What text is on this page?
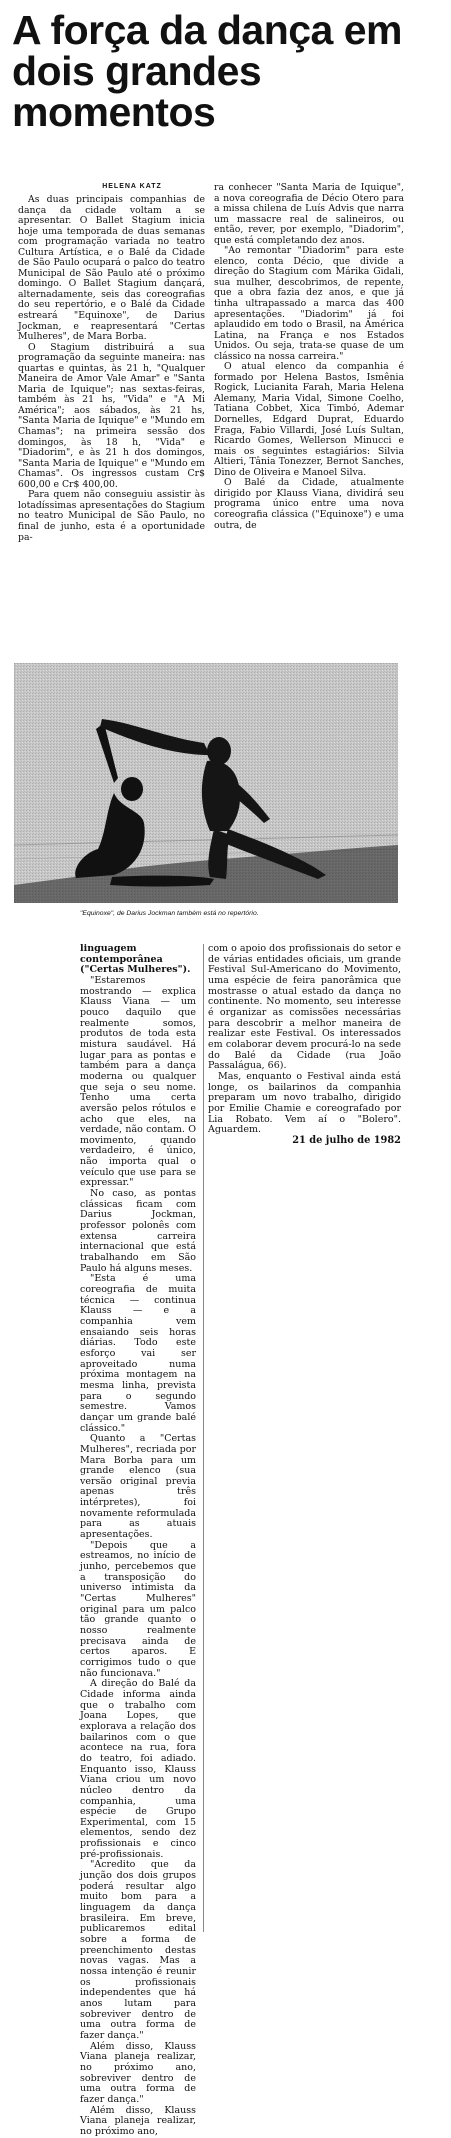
A força da dança em dois grandes momentos
HELENA KATZ

As duas principais companhias de dança da cidade voltam a se apresentar. O Ballet Stagium inicia hoje uma temporada de duas semanas com programação variada no teatro Cultura Artística, e o Balé da Cidade de São Paulo ocupará o palco do teatro Municipal de São Paulo até o próximo domingo. O Ballet Stagium dançará, alternadamente, seis das coreografias do seu repertório, e o Balé da Cidade estreará "Equinoxe", de Darius Jockman, e reapresentará "Certas Mulheres", de Mara Borba.

O Stagium distribuirá a sua programação da seguinte maneira: nas quartas e quintas, às 21 h, "Qualquer Maneira de Amor Vale Amar" e "Santa Maria de Iquique"; nas sextas-feiras, também às 21 hs, "Vida" e "A Mi América"; aos sábados, às 21 hs, "Santa Maria de Iquique" e "Mundo em Chamas"; na primeira sessão dos domingos, às 18 h, "Vida" e "Diadorim", e às 21 h dos domingos, "Santa Maria de Iquique" e "Mundo em Chamas". Os ingressos custam Cr$ 600,00 e Cr$ 400,00.

Para quem não conseguiu assistir às lotadíssimas apresentações do Stagium no teatro Municipal de São Paulo, no final de junho, esta é a oportunidade pa-

ra conhecer "Santa Maria de Iquique", a nova coreografia de Décio Otero para a missa chilena de Luís Advis que narra um massacre real de salineiros, ou então, rever, por exemplo, "Diadorim", que está completando dez anos.

"Ao remontar "Diadorim" para este elenco, conta Décio, que divide a direção do Stagium com Márika Gidali, sua mulher, descobrimos, de repente, que a obra fazia dez anos, e que já tinha ultrapassado a marca das 400 apresentações. "Diadorim" já foi aplaudido em todo o Brasil, na América Latina, na França e nos Estados Unidos. Ou seja, trata-se quase de um clássico na nossa carreira."

O atual elenco da companhia é formado por Helena Bastos, Ismênia Rogick, Lucianita Farah, Maria Helena Alemany, Maria Vidal, Simone Coelho, Tatiana Cobbet, Xica Timbó, Ademar Dornelles, Edgard Duprat, Eduardo Fraga, Fabio Villardi, José Luís Sultan, Ricardo Gomes, Wellerson Minucci e mais os seguintes estagiários: Silvia Altieri, Tânia Tonezzer, Bernot Sanches, Dino de Oliveira e Manoel Silva.

O Balé da Cidade, atualmente dirigido por Klauss Viana, dividirá seu programa único entre uma nova coreografia clássica ("Equinoxe") e uma outra, de

"Equinoxe", de Darius Jockman também está no repertório.

linguagem contemporânea ("Certas Mulheres").

"Estaremos mostrando — explica Klauss Viana — um pouco daquilo que realmente somos, produtos de toda esta mistura saudável. Há lugar para as pontas e também para a dança moderna ou qualquer que seja o seu nome. Tenho uma certa aversão pelos rótulos e acho que eles, na verdade, não contam. O movimento, quando verdadeiro, é único, não importa qual o veículo que use para se expressar."

No caso, as pontas clássicas ficam com Darius Jockman, professor polonês com extensa carreira internacional que está trabalhando em São Paulo há alguns meses.

"Esta é uma coreografia de muita técnica — continua Klauss — e a companhia vem ensaiando seis horas diárias. Todo este esforço vai ser aproveitado numa próxima montagem na mesma linha, prevista para o segundo semestre. Vamos dançar um grande balé clássico."

Quanto a "Certas Mulheres", recriada por Mara Borba para um grande elenco (sua versão original previa apenas três intérpretes), foi novamente reformulada para as atuais apresentações.

"Depois que a estreamos, no início de junho, percebemos que a transposição do universo intimista da "Certas Mulheres" original para um palco tão grande quanto o nosso realmente precisava ainda de certos aparos. E corrigimos tudo o que não funcionava."

A direção do Balé da Cidade informa ainda que o trabalho com Joana Lopes, que explorava a relação dos bailarinos com o que acontece na rua, fora do teatro, foi adiado. Enquanto isso, Klauss Viana criou um novo núcleo dentro da companhia, uma espécie de Grupo Experimental, com 15 elementos, sendo dez profissionais e cinco pré-profissionais.

"Acredito que da junção dos dois grupos poderá resultar algo muito bom para a linguagem da dança brasileira. Em breve, publicaremos edital sobre a forma de preenchimento destas novas vagas. Mas a nossa intenção é reunir os profissionais independentes que há anos lutam para sobreviver dentro de uma outra forma de fazer dança."

Além disso, Klauss Viana planeja realizar, no próximo ano, sobreviver dentro de uma outra forma de fazer dança."

Além disso, Klauss Viana planeja realizar, no próximo ano,

com o apoio dos profissionais do setor e de várias entidades oficiais, um grande Festival Sul-Americano do Movimento, uma espécie de feira panorâmica que mostrasse o atual estado da dança no continente. No momento, seu interesse é organizar as comissões necessárias para descobrir a melhor maneira de realizar este Festival. Os interessados em colaborar devem procurá-lo na sede do Balé da Cidade (rua João Passalágua, 66).

Mas, enquanto o Festival ainda está longe, os bailarinos da companhia preparam um novo trabalho, dirigido por Emilie Chamie e coreografado por Lia Robato. Vem aí o "Bolero". Aguardem.

21 de julho de 1982
